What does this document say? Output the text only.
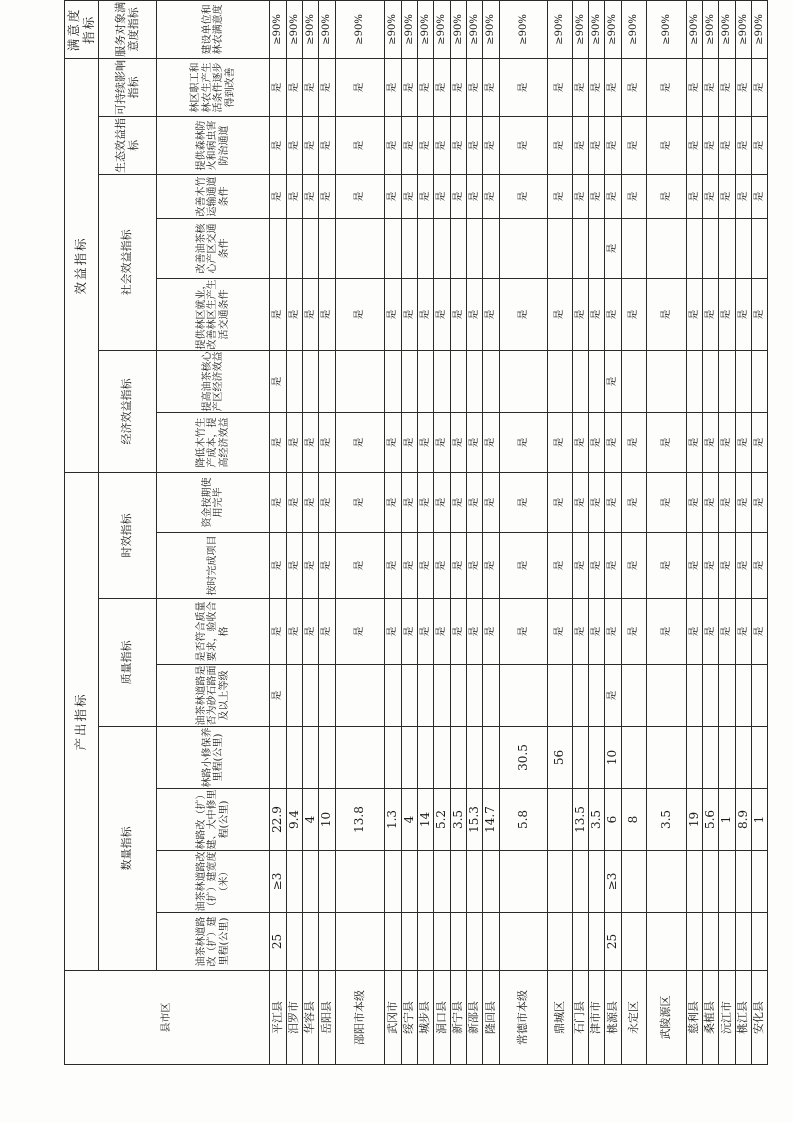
县市区	产出指标								效益指标							满意度指标
	数量指标				质量指标		时效指标		经济效益指标		社会效益指标			生态效益指标	可持续影响指标	服务对象满意度指标
	油茶林道路改（扩）建里程(公里)	油茶林道路改（扩）建宽度（米）	林路改（扩）建、大中修里程(公里)	林路小修保养里程(公里)	油茶林道路是否为砂石路面及以上等级	是否符合质量要求，验收合格	按时完成项目	资金按期使用完毕	降低木竹生产成本，提高经济效益	提高油茶核心产区经济效益	提供林区就业，改善林区生产生活交通条件	改善油茶核心产区交通条件	改善木竹运输通道条件	提供森林防火和病虫害防治通道	林区职工和林农生产生活条件逐步得到改善	建设单位和林农满意度
平江县	25	≥3	22.9		是	是	是	是	是	是	是		是	是	是	≥90%
汨罗市			9.4			是	是	是	是		是		是	是	是	≥90%
华容县			4			是	是	是	是		是		是	是	是	≥90%
岳阳县			10			是	是	是	是		是		是	是	是	≥90%
邵阳市本级			13.8			是	是	是	是		是		是	是	是	≥90%
武冈市			1.3			是	是	是	是		是		是	是	是	≥90%
绥宁县			4			是	是	是	是		是		是	是	是	≥90%
城步县			14			是	是	是	是		是		是	是	是	≥90%
洞口县			5.2			是	是	是	是		是		是	是	是	≥90%
新宁县			3.5			是	是	是	是		是		是	是	是	≥90%
新邵县			15.3			是	是	是	是		是		是	是	是	≥90%
隆回县			14.7			是	是	是	是		是		是	是	是	≥90%
常德市本级			5.8	30.5		是	是	是	是		是		是	是	是	≥90%
鼎城区				56		是	是	是	是		是		是	是	是	≥90%
石门县			13.5			是	是	是	是		是		是	是	是	≥90%
津市市			3.5			是	是	是	是		是		是	是	是	≥90%
桃源县	25	≥3	6	10	是	是	是	是	是	是	是	是	是	是	是	≥90%
永定区			8			是	是	是	是		是		是	是	是	≥90%
武陵源区			3.5			是	是	是	是		是		是	是	是	≥90%
慈利县			19			是	是	是	是		是		是	是	是	≥90%
桑植县			5.6			是	是	是	是		是		是	是	是	≥90%
沅江市			1			是	是	是	是		是		是	是	是	≥90%
桃江县			8.9			是	是	是	是		是		是	是	是	≥90%
安化县			1			是	是	是	是		是		是	是	是	≥90%
